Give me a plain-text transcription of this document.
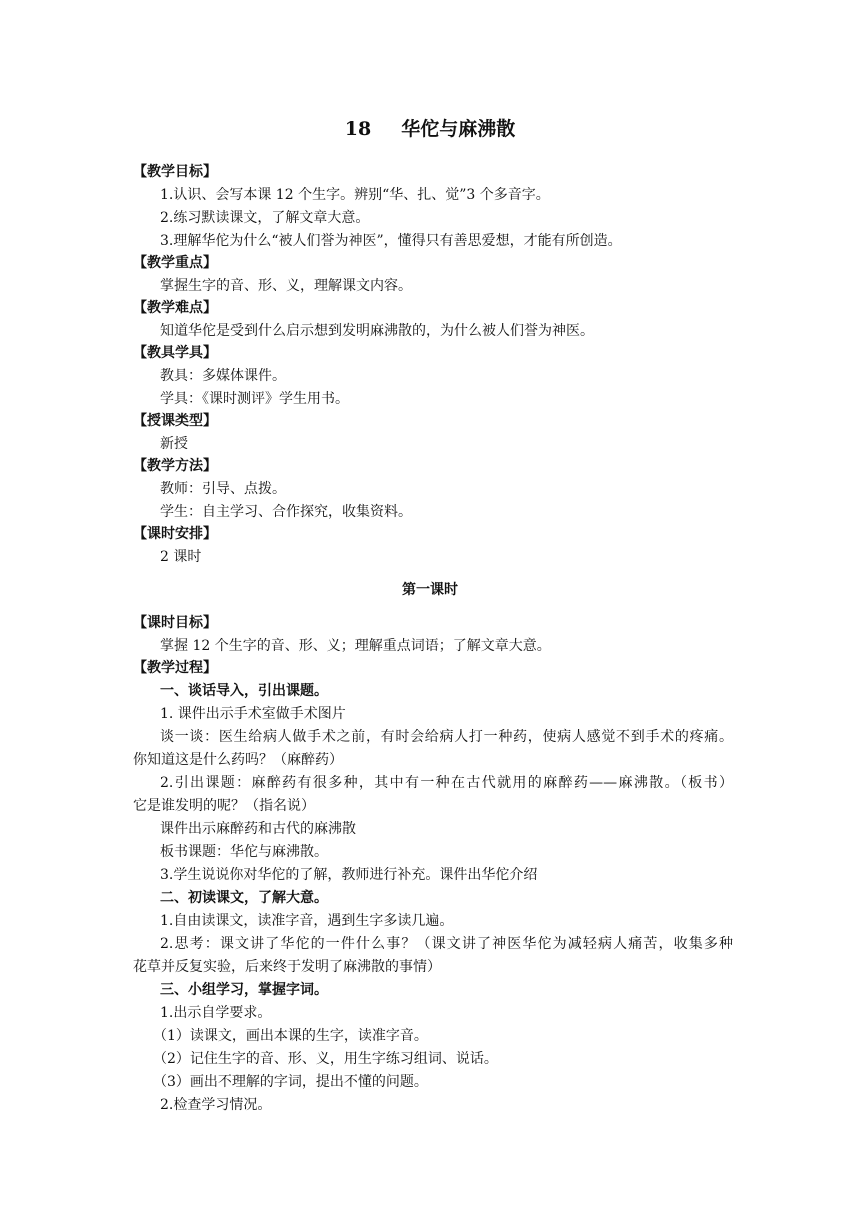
18 华佗与麻沸散
【教学目标】
1.认识、会写本课 12 个生字。辨别“华、扎、觉”3 个多音字。
2.练习默读课文，了解文章大意。
3.理解华佗为什么“被人们誉为神医”，懂得只有善思爱想，才能有所创造。
【教学重点】
掌握生字的音、形、义，理解课文内容。
【教学难点】
知道华佗是受到什么启示想到发明麻沸散的，为什么被人们誉为神医。
【教具学具】
教具：多媒体课件。
学具：《课时测评》学生用书。
【授课类型】
新授
【教学方法】
教师：引导、点拨。
学生：自主学习、合作探究，收集资料。
【课时安排】
2 课时
第一课时
【课时目标】
掌握 12 个生字的音、形、义；理解重点词语；了解文章大意。
【教学过程】
一、谈话导入，引出课题。
1. 课件出示手术室做手术图片
谈一谈：医生给病人做手术之前，有时会给病人打一种药，使病人感觉不到手术的疼痛。
你知道这是什么药吗？（麻醉药）
2.引出课题：麻醉药有很多种，其中有一种在古代就用的麻醉药——麻沸散。（板书）
它是谁发明的呢？（指名说）
课件出示麻醉药和古代的麻沸散
板书课题：华佗与麻沸散。
3.学生说说你对华佗的了解，教师进行补充。课件出华佗介绍
二、初读课文，了解大意。
1.自由读课文，读准字音，遇到生字多读几遍。
2.思考：课文讲了华佗的一件什么事？（课文讲了神医华佗为减轻病人痛苦，收集多种
花草并反复实验，后来终于发明了麻沸散的事情）
三、小组学习，掌握字词。
1.出示自学要求。
（1）读课文，画出本课的生字，读准字音。
（2）记住生字的音、形、义，用生字练习组词、说话。
（3）画出不理解的字词，提出不懂的问题。
2.检查学习情况。
